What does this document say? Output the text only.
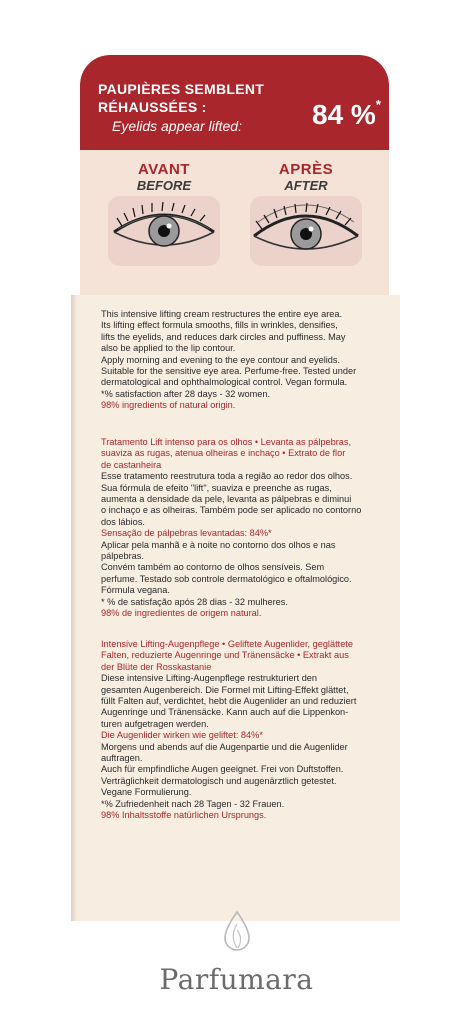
PAUPIÈRES SEMBLENT
RÉHAUSSÉES :
Eyelids appear lifted:	84 %*
AVANT
BEFORE
APRÈS
AFTER

This intensive lifting cream restructures the entire eye area.

Its lifting effect formula smooths, fills in wrinkles, densifies,

lifts the eyelids, and reduces dark circles and puffiness. May

also be applied to the lip contour.

Apply morning and evening to the eye contour and eyelids.

Suitable for the sensitive eye area. Perfume-free. Tested under

dermatological and ophthalmological control. Vegan formula.

*% satisfaction after 28 days - 32 women.

98% ingredients of natural origin.

Tratamento Lift intenso para os olhos • Levanta as pálpebras,

suaviza as rugas, atenua olheiras e inchaço • Extrato de flor

de castanheira

Esse tratamento reestrutura toda a região ao redor dos olhos.

Sua fórmula de efeito "lift", suaviza e preenche as rugas,

aumenta a densidade da pele, levanta as pálpebras e diminui

o inchaço e as olheiras. Também pode ser aplicado no contorno

dos lábios.

Sensação de pálpebras levantadas: 84%*

Aplicar pela manhã e à noite no contorno dos olhos e nas

pálpebras.

Convém também ao contorno de olhos sensíveis. Sem

perfume. Testado sob controle dermatológico e oftalmológico.

Fórmula vegana.

* % de satisfação após 28 dias - 32 mulheres.

98% de ingredientes de origem natural.

Intensive Lifting-Augenpflege • Geliftete Augenlider, geglättete

Falten, reduzierte Augenringe und Tränensäcke • Extrakt aus

der Blüte der Rosskastanie

Diese intensive Lifting-Augenpflege restrukturiert den

gesamten Augenbereich. Die Formel mit Lifting-Effekt glättet,

füllt Falten auf, verdichtet, hebt die Augenlider an und reduziert

Augenringe und Tränensäcke. Kann auch auf die Lippenkon-

turen aufgetragen werden.

Die Augenlider wirken wie geliftet: 84%*

Morgens und abends auf die Augenpartie und die Augenlider

auftragen.

Auch für empfindliche Augen geeignet. Frei von Duftstoffen.

Verträglichkeit dermatologisch und augenärztlich getestet.

Vegane Formulierung.

*% Zufriedenheit nach 28 Tagen - 32 Frauen.

98% Inhaltsstoffe natürlichen Ursprungs.

Parfumara
